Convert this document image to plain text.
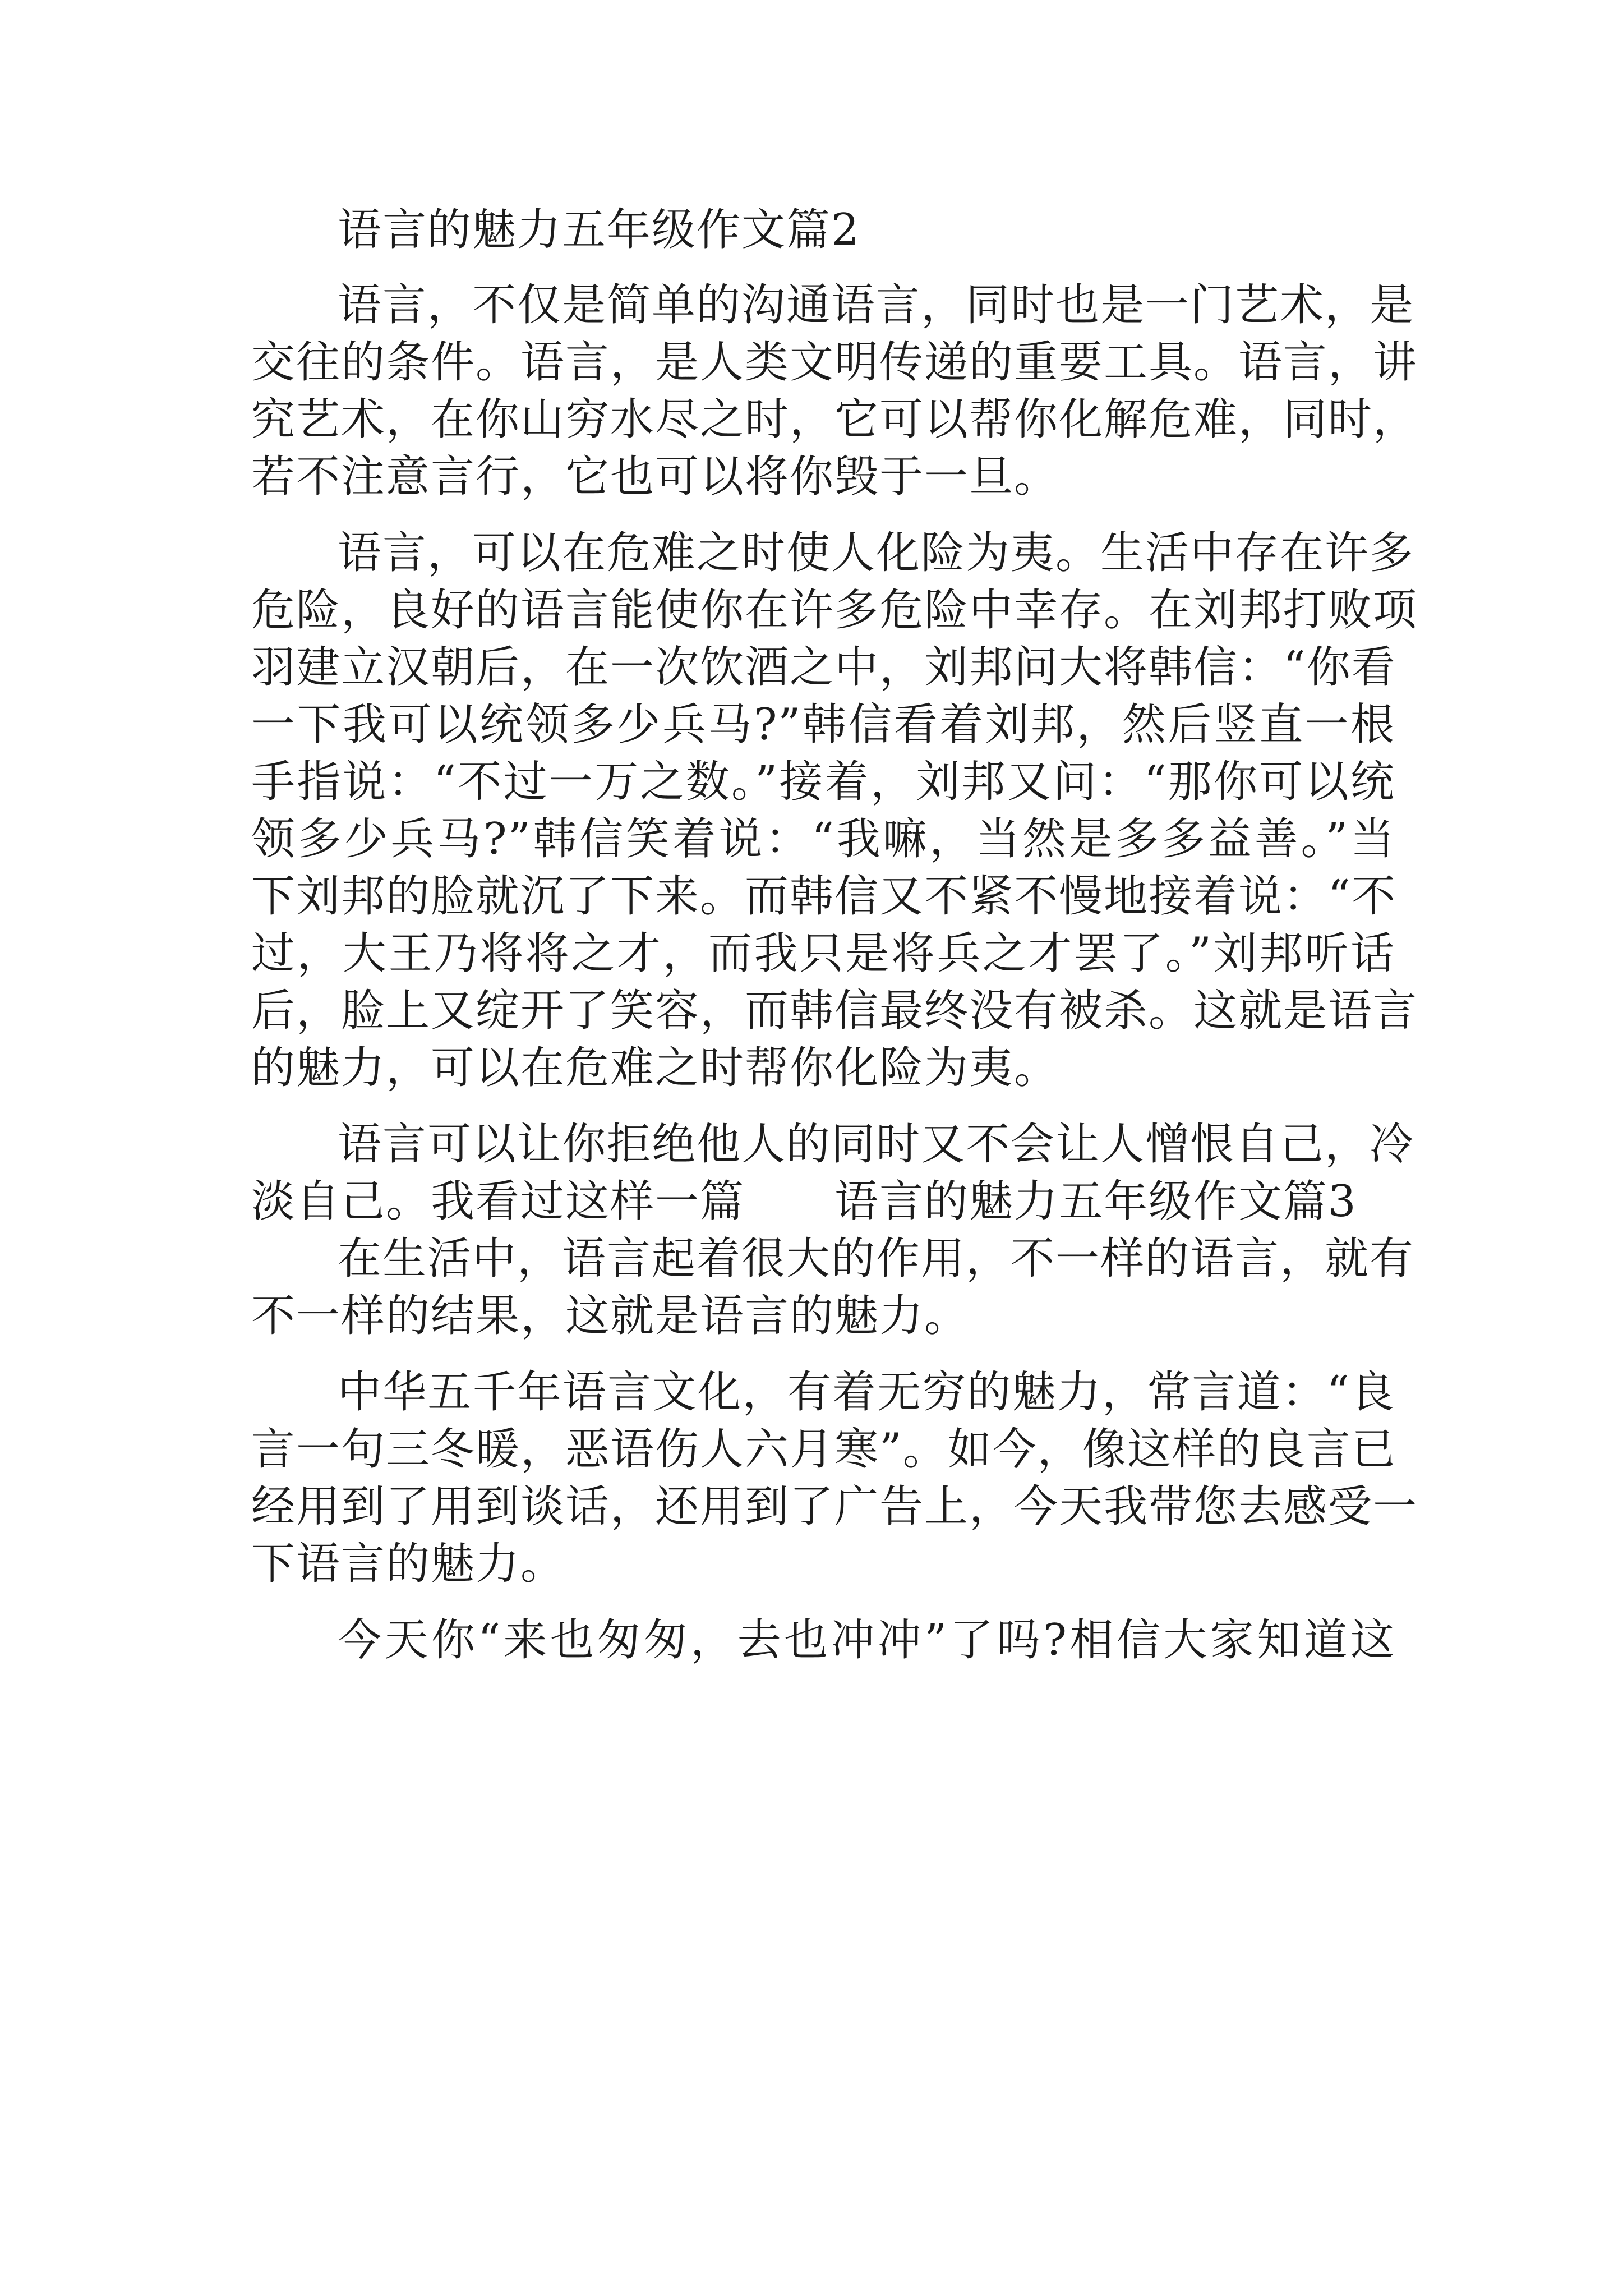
语言的魅力五年级作文篇2
语言，不仅是简单的沟通语言，同时也是一门艺术，是
交往的条件。语言，是人类文明传递的重要工具。语言，讲
究艺术，在你山穷水尽之时，它可以帮你化解危难，同时，
若不注意言行，它也可以将你毁于一旦。
语言，可以在危难之时使人化险为夷。生活中存在许多
危险，良好的语言能使你在许多危险中幸存。在刘邦打败项
羽建立汉朝后，在一次饮酒之中，刘邦问大将韩信：“你看
一下我可以统领多少兵马?”韩信看着刘邦，然后竖直一根
手指说：“不过一万之数。”接着，刘邦又问：“那你可以统
领多少兵马?”韩信笑着说：“我嘛，当然是多多益善。”当
下刘邦的脸就沉了下来。而韩信又不紧不慢地接着说：“不
过，大王乃将将之才，而我只是将兵之才罢了。”刘邦听话
后，脸上又绽开了笑容，而韩信最终没有被杀。这就是语言
的魅力，可以在危难之时帮你化险为夷。
语言可以让你拒绝他人的同时又不会让人憎恨自己，冷
淡自己。我看过这样一篇　　语言的魅力五年级作文篇3
在生活中，语言起着很大的作用，不一样的语言，就有
不一样的结果，这就是语言的魅力。
中华五千年语言文化，有着无穷的魅力，常言道：“良
言一句三冬暖，恶语伤人六月寒”。如今，像这样的良言已
经用到了用到谈话，还用到了广告上，今天我带您去感受一
下语言的魅力。
今天你“来也匆匆，去也冲冲”了吗?相信大家知道这
